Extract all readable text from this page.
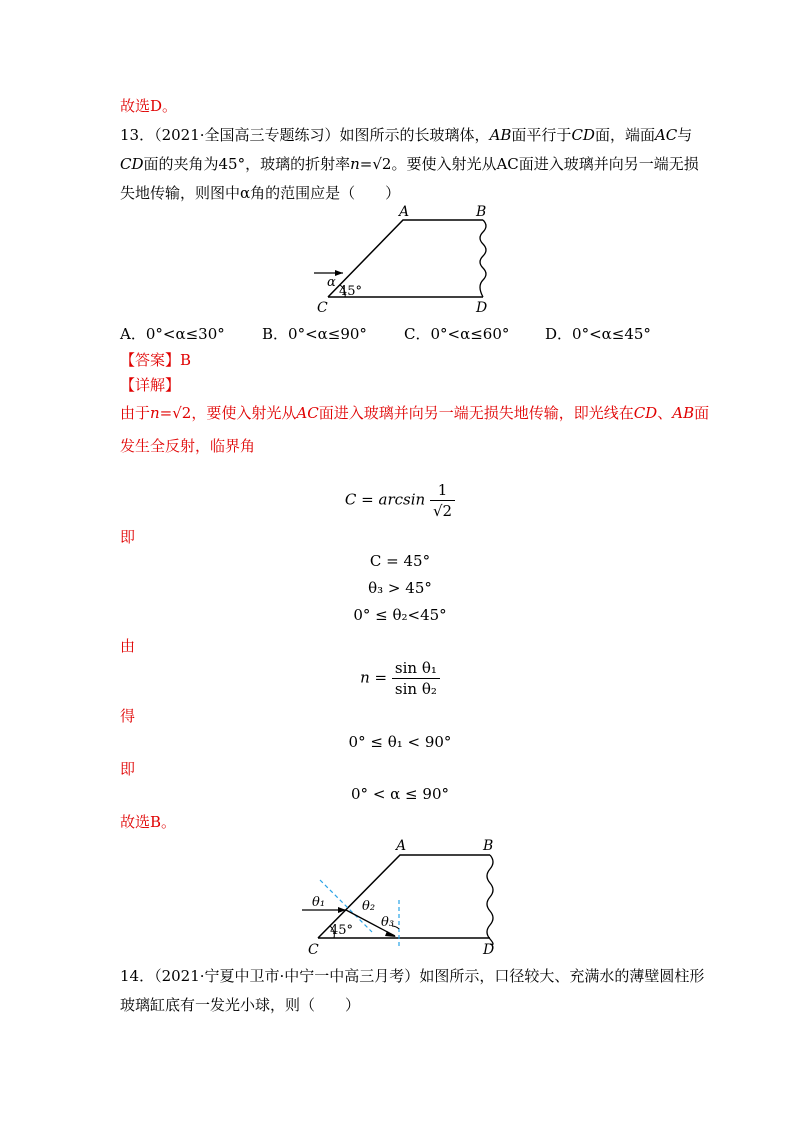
故选D。
13．（2021·全国高三专题练习）如图所示的长玻璃体，AB面平行于CD面，端面AC与
CD面的夹角为45°，玻璃的折射率n=√2。要使入射光从AC面进入玻璃并向另一端无损
失地传输，则图中α角的范围应是（　　）
A	B
C	D
α
45°
A．0°<α≤30° B．0°<α≤90° C．0°<α≤60° D．0°<α≤45°
【答案】B
【详解】
由于n=√2，要使入射光从AC面进入玻璃并向另一端无损失地传输，即光线在CD、AB面
发生全反射，临界角
$C = \arcsin \frac{1}{√2}$
即
C = 45°
θ₃ > 45°
0° ≤ θ₂<45°
由
$n = \frac{\text{sin θ₁}}{\text{sin θ₂}}$
得
0° ≤ θ₁ < 90°
即
0° < α ≤ 90°
故选B。
A	B
C	D
θ₁	θ₂
θ₃
45°
14．（2021·宁夏中卫市·中宁一中高三月考）如图所示，口径较大、充满水的薄壁圆柱形
玻璃缸底有一发光小球，则（　　）
